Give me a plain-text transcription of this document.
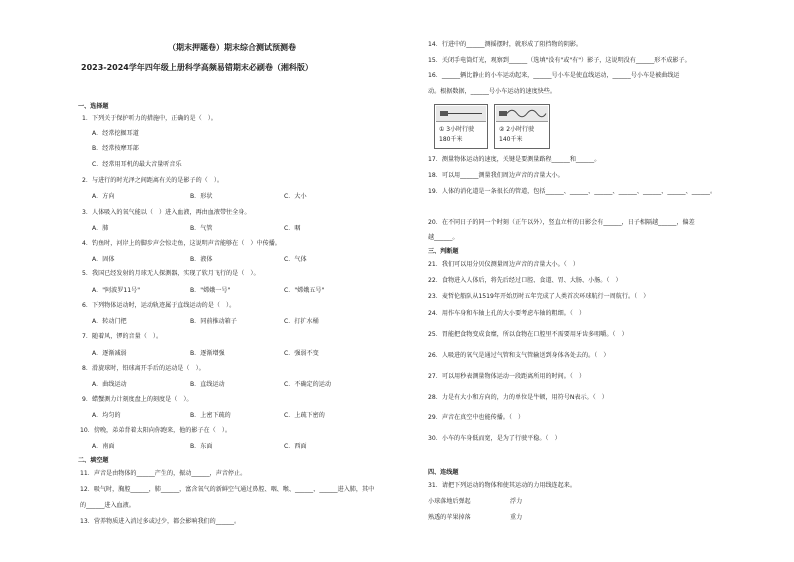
（期末押题卷）期末综合测试预测卷
2023-2024学年四年级上册科学高频易错期末必刷卷（湘科版）
一、选择题
1．下列关于保护听力的措施中，正确的是（　）。
A．经常挖掘耳道
B．经常按摩耳部
C．经常用耳机的最大音量听音乐
2．与进行的时光泽之间距离有关的是影子的（　）。
A．方向	B．形状	C．大小
3．人体吸入的氧气能以（　）进入血液，再由血液带往全身。
A．肺	B．气管	C．咽
4．钓鱼时，河岸上的脚步声会惊走鱼，这说明声音能够在（　）中传播。
A．固体	B．液体	C．气体
5．我国已经发射的月球无人探测器，实现了软月飞行的是（　）。
A．"阿波罗11号"	B．"嫦娥一号"	C．"嫦娥五号"
6．下列物体运动时，运动轨迹属于直线运动的是（　）。
A．转动门把	B．同前推动箱子	C．打扩水桶
7．随着风，锣的音量（　）。
A．逐渐减弱	B．逐渐增强	C．强弱不变
8．滑旋球时，铅球离开手后的运动是（　）。
A．曲线运动	B．直线运动	C．不确定的运动
9．蜡蟹测力计刻度盘上的刻度是（　）。
A．均匀的	B．上密下疏的	C．上疏下密的
10．傍晚，弟弟背着太阳向你跑来，他的影子在（　）。
A．南面	B．东面	C．西面
二、填空题
11．声音是由物体的______产生的，振动______，声音停止。
12．吸气时，胸腔______，肺______，富含氧气的新鲜空气通过鼻腔、咽、喉、______、______进入肺，其中
的______进入血液。
13．营养物质进入消过多或过少，都会影响我们的______。
14．行进中的______测摇摆时，就形成了阻挡物的阴影。
15．关闭手电筒灯光，观察到______（选填"没有"或"有"）影子，这说明没有______形不成影子。
16．______辆比静止的小车运动起来，______号小车是使直线运动，______号小车是被曲线运
动。根据数据，______号小车运动的速度快些。
① 3小时行驶
180千米
② 2小时行驶
140千米
17．测量物体运动的速度，关键是要测量路程______和______。
18．可以用______测量我们周边声音的音量大小。
19．人体的消化道是一条很长的管道，包括______、______、______、______、______、______、______。
20．在不同日子的同一个时刻（正午以外），竖直立杆的日影会有______，日子相隔越______，偏差
越______。
三、判断题
21．我们可以用分贝仪测量周边声音的音量大小。（　）
22．食物进入人体后，将先后经过口腔、食道、胃、大肠、小肠。（　）
23．麦哲伦船队从1519年开始历时五年完成了人类首次环球航行一周航行。（　）
24．用作车身和车轴上孔的大小要考虑车轴的粗细。（　）
25．胃能把食物变成食糜，所以食物在口腔里不需要用牙齿多咀嚼。（　）
26．人吸进的氧气是通过气管和支气管输送到身体各处去的。（　）
27．可以用秒表测量物体运动一段距离所用的时间。（　）
28．力是有大小和方向的，力的单位是牛顿，用符号N表示。（　）
29．声音在真空中也能传播。（　）
30．小车的车身低而宽，是为了行驶平稳。（　）
四、连线题
31．请把下列运动的物体和使其运动的力用线连起来。
小球落地后弹起	浮力
熟透的苹果掉落	重力
